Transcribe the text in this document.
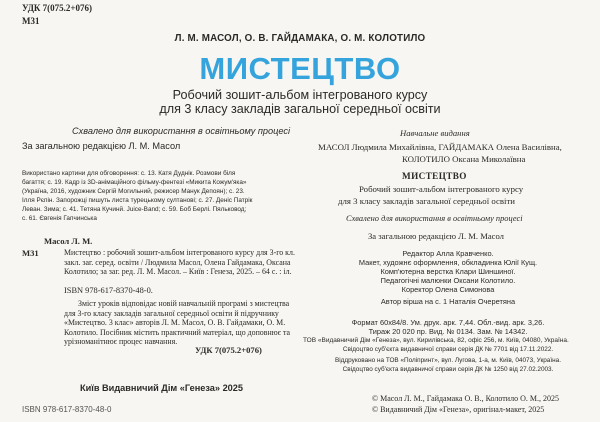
УДК 7(075.2+076)
М31
Л. М. МАСОЛ, О. В. ГАЙДАМАКА, О. М. КОЛОТИЛО
МИСТЕЦТВО
Робочий зошит-альбом інтегрованого курсу
для 3 класу закладів загальної середньої освіти
Схвалено для використання в освітньому процесі
За загальною редакцією Л. М. Масол
Використано картини для обговорення: с. 13. Катя Дуднік. Розмови біля
багаття; с. 19. Кадр із 3D-анімаційного фільму-фентезі «Микита Кожум'яка»
(Україна, 2016, художник Сергій Могильний, режисер Манук Депоян); с. 23.
Ілля Рєпін. Запорожці пишуть листа турецькому султанові; с. 27. Деніс Патрік
Леван. Зима; с. 41. Тетяна Кучинй. Juice-Band; с. 59. Боб Берлі. Пяльковод;
с. 61. Євгенія Гапчинська
Масол Л. М.
М31	Мистецтво : робочий зошит-альбом інтегрованого курсу для 3-го кл. закл. заг. серед. освіти / Людмила Масол, Олена Гайдамака, Оксана Колотило; за заг. ред. Л. М. Масол. – Київ : Генеза, 2025. – 64 с. : іл.
ISBN 978-617-8370-48-0.
Зміст уроків відповідає новій навчальній програмі з мистецтва для 3-го класу закладів загальної середньої освіти й підручнику «Мистецтво. 3 клас» авторів Л. М. Масол, О. В. Гайдамаки, О. М. Колотило. Посібник містить практичний матеріал, що доповнює та урізноманітнює процес навчання.
УДК 7(075.2+076)
Київ Видавничий Дім «Генеза» 2025
ISBN 978-617-8370-48-0
Навчальне видання
МАСОЛ Людмила Михайлівна, ГАЙДАМАКА Олена Василівна,
КОЛОТИЛО Оксана Миколаївна
МИСТЕЦТВО
Робочий зошит-альбом інтегрованого курсу
для 3 класу закладів загальної середньої освіти
Схвалено для використання в освітньому процесі
За загальною редакцією Л. М. Масол
Редактор Алла Кравченко.
Макет, художнє оформлення, обкладинка Юлії Кущ.
Комп'ютерна верстка Клари Шиншиної.
Педагогічні малюнки Оксани Колотило.
Коректор Олена Симонова
Автор вірша на с. 1 Наталія Очеретяна
Формат 60x84/8. Ум. друк. арк. 7,44. Обл.-вид. арк. 3,26.
Тираж 20 020 пр. Вид. № 0134. Зам. № 14342.
ТОВ «Видавничий Дім «Генеза», вул. Кирилівська, 82, офіс 256, м. Київ, 04080, Україна.
Свідоцтво суб'єкта видавничої справи серія ДК № 7701 від 17.11.2022.
Віддруковано на ТОВ «Поліпринт», вул. Луговa, 1-a, м. Київ, 04073, Україна.
Свідоцтво суб'єкта видавничої справи серія ДК № 1250 від 27.02.2003.
© Масол Л. М., Гайдамака О. В., Колотило О. М., 2025
© Видавничий Дім «Генеза», оригінал-макет, 2025
